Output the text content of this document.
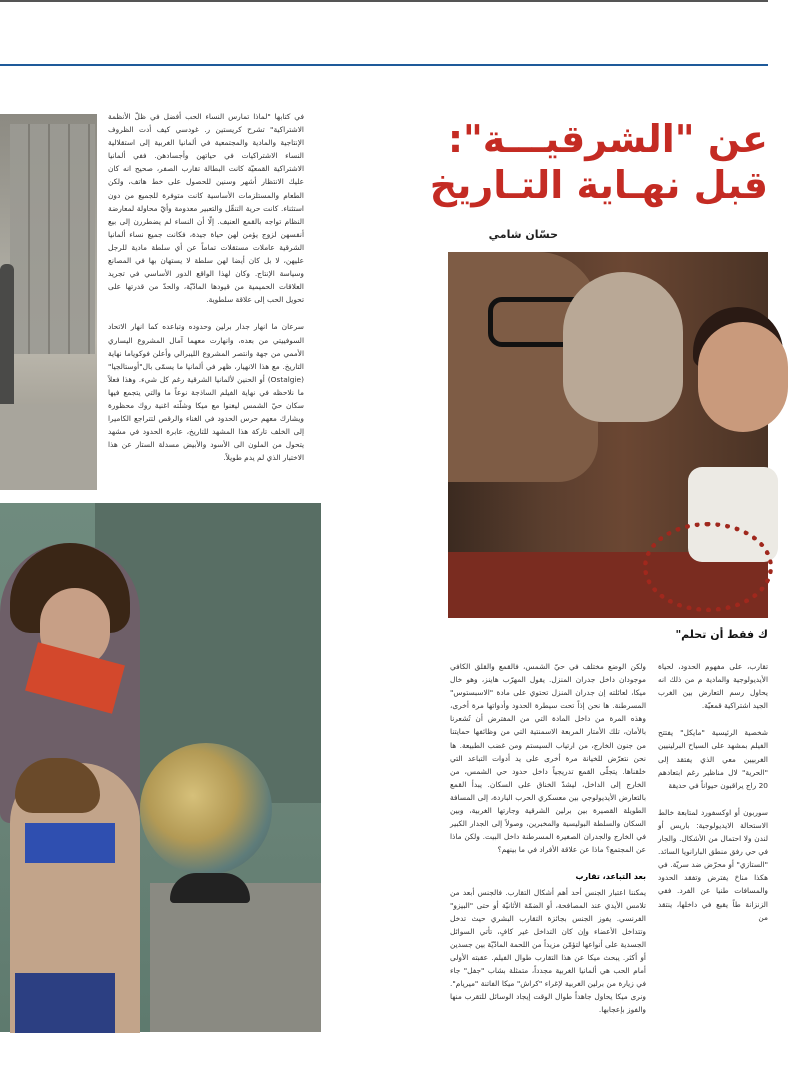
في كتابها "لماذا تمارس النساء الحب أفضل في ظلّ الأنظمة الاشتراكية" تشرح كريستين ر. غودسي كيف أدت الظروف الإنتاجية والمادية والمجتمعية في ألمانيا الغربية إلى استقلالية النساء الاشتراكيات في حياتهن وأجسادهن. ففي ألمانيا الاشتراكية القمعيّة كانت البطالة تقارب الصفر، صحيح انه كان عليك الانتظار أشهر وسنين للحصول على خط هاتف، ولكن الطعام والمستلزمات الأساسية كانت متوفرة للجميع من دون استثناء. كانت حرية التنقّل والتعبير معدومة وأيّ محاولة لمعارضة النظام تواجه بالقمع العنيف. إلّا أن النساء لم يضطررن إلى بيع أنفسهن لزوج يؤمن لهن حياة جيدة، فكانت جميع نساء ألمانيا الشرقية عاملات مستقلات تماماً عن أي سلطة مادية للرجل عليهن، لا بل كان أيضا لهن سلطة لا يستهان بها في المصانع وسياسة الإنتاج. وكان لهذا الواقع الدور الأساسي في تجريد العلاقات الحميمية من قيودها المادّيّة، والحدّ من قدرتها على تحويل الحب إلى علاقة سلطوية.

سرعان ما انهار جدار برلين وحدوده وتباعده كما انهار الاتحاد السوفييتي من بعده، وانهارت معهما آمال المشروع اليساري الأممي من جهة وانتصر المشروع الليبرالي وأعلن فوكوياما نهاية التاريخ. مع هذا الانهيار، ظهر في ألمانيا ما يسمّى بال"أوستالجيا" (Ostalgie) أو الحنين لألمانيا الشرقية رغم كل شيء. وهذا فعلاً ما نلاحظه في نهاية الفيلم الساذجة نوعاً ما والتي يتجمع فيها سكان حيّ الشمس ليغنوا مع ميكا وشلّته اغنية روك محظورة ويشارك معهم حرس الحدود في الغناء والرقص لتتراجع الكاميرا إلى الخلف تاركة هذا المشهد للتاريخ، عابرة الحدود في مشهد يتحول من الملون الى الأسود والأبيض مسدلة الستار عن هذا الاختبار الذي لم يدم طويلاً.

عن "الشرقيـــة":
قبل نهـاية التـاريخ
حسّان شامي

ولكن الوضع مختلف في حيّ الشمس، فالقمع والقلق الكافي موجودان داخل جدران المنزل. يقول المهرّب هاينز، وهو خال ميكا، لعائلته إن جدران المنزل تحتوي على مادة "الاسبستوس" المسرطنة. ها نحن إذاً تحت سيطرة الحدود وأدواتها مرة أخرى، وهذه المرة من داخل المادة التي من المفترض أن تُشعرنا بالأمان، تلك الأمتار المربعة الاسمنتية التي من وظائفها حمايتنا من جنون الخارج، من ارتياب السيستم ومن غضب الطبيعة. ها نحن نتعرّض للخيانة مرة أخرى على يد أدوات التباعد التي خلقناها. يتجلّى القمع تدريجياً داخل حدود حي الشمس، من الخارج إلى الداخل، ليشدّ الخناق على السكان. يبدأ القمع بالتعارض الأيديولوجي بين معسكري الحرب الباردة، إلى المسافة الطويلة القصيرة بين برلين الشرقية وجارتها الغربية، وبين السكان والسلطة البوليسية والمخبرين، وصولاً إلى الجدار الكبير في الخارج والجدران الصغيرة المسرطنة داخل البيت. ولكن ماذا عن المجتمع؟ ماذا عن علاقة الأفراد في ما بينهم؟

بعد التباعد، تقارب

يمكننا اعتبار الجنس أحد أهم أشكال التقارب. فالجنس أبعد من تلامس الأيدي عند المصافحة، أو الضمّة الأثانيّة أو حتى "البيزو" الفرنسي. يفوز الجنس بجائزة التقارب البشري حيث تدخل وتتداخل الأعضاء وإن كان التداخل غير كافٍ، تأتي السوائل الجسدية على أنواعها لتؤمّن مزيداً من اللحمة المادّيّة بين جسدين أو أكثر. يبحث ميكا عن هذا التقارب طوال الفيلم. عقبته الأولى أمام الحب هي ألمانيا الغربية مجدداً، متمثلة بشاب "جفل" جاء في زيارة من برلين الغربية لإغراء "كراش" ميكا الفاتنة "ميريام". ونرى ميكا يحاول جاهداً طوال الوقت إيجاد الوسائل للتقرب منها والفوز بإعجابها.

ك فقط أن تحلم"

تقارب، على مفهوم الحدود، لحياة الأيديولوجية والمادية م من ذلك انه يحاول رسم التعارض بين الغرب الجيد اشتراكية قمعيّة.

شخصية الرئيسية "مايكل" يفتتح الفيلم بمشهد على السياح البرلينيين الغربيين معي الذي يفتقد إلى "الحرية" لال مناظير رغم ابتعادهم 20 راج يراقبون حيواناً في حديقة

سوربون أو اوكسفورد لمتابعة خالط الاستحالة الايديولوجية: باريس أو لندن ولا احتمال من الأشكال. والجار في حي رفق منطق البارانويا السائد. "الستازي" أو محرّض ضد سريّة. في هكذا مناخ يفترض وتفقد الحدود والمسافات طنيا عن الفرد. ففي الزنزانة طاً يقبع في داخلها، ينتقد من
